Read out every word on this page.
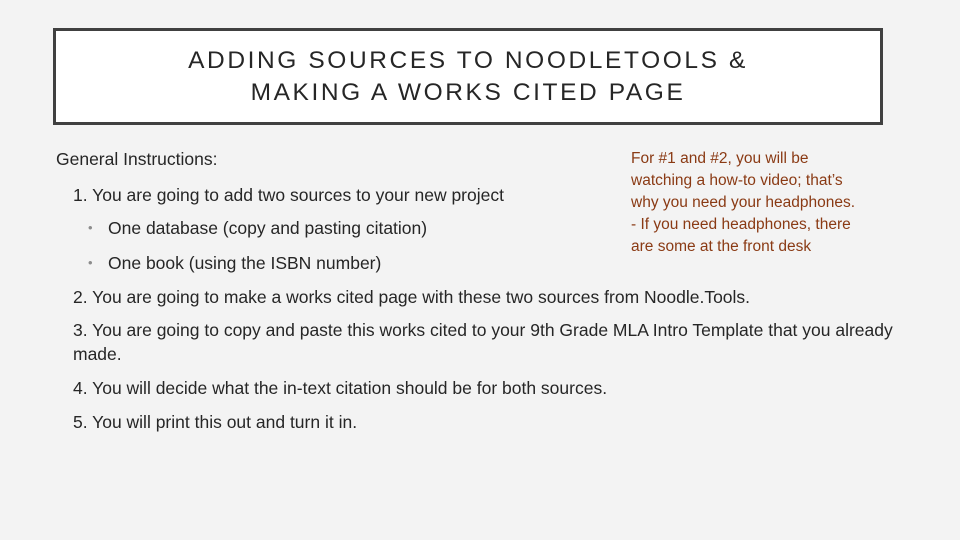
ADDING SOURCES TO NOODLETOOLS &
MAKING A WORKS CITED PAGE

General Instructions:

1. You are going to add two sources to your new project

• One database (copy and pasting citation)

• One book (using the ISBN number)

2. You are going to make a works cited page with these two sources from Noodle.Tools.

3. You are going to copy and paste this works cited to your 9th Grade MLA Intro Template that you already made.

4. You will decide what the in-text citation should be for both sources.

5. You will print this out and turn it in.

For #1 and #2, you will be
watching a how-to video; that’s
why you need your headphones.
- If you need headphones, there
are some at the front desk
